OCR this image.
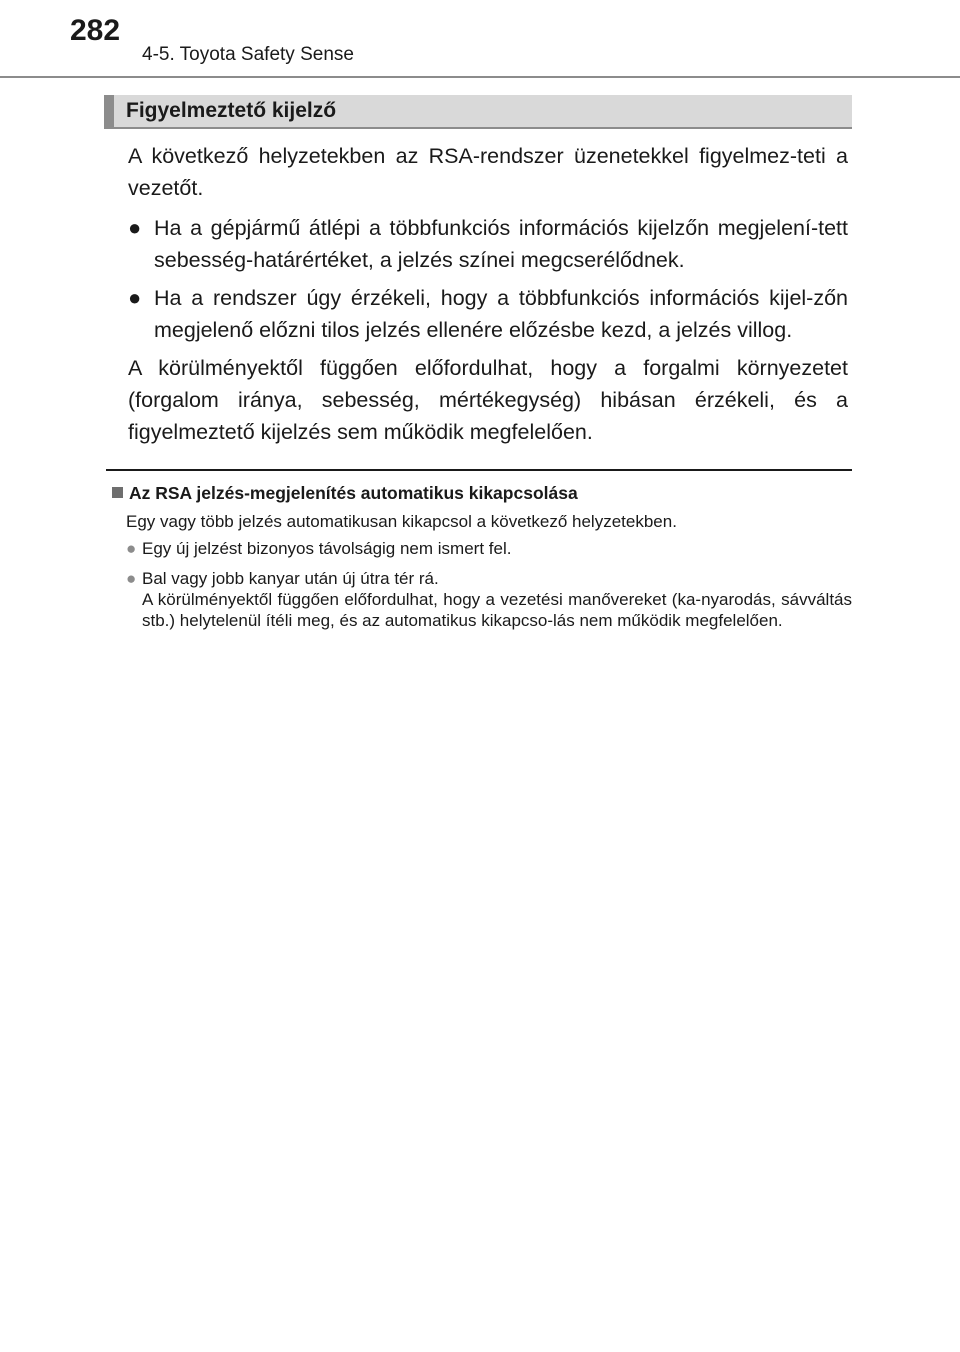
282
4-5. Toyota Safety Sense
Figyelmeztető kijelző

A következő helyzetekben az RSA-rendszer üzenetekkel figyelmez-teti a vezetőt.

● Ha a gépjármű átlépi a többfunkciós információs kijelzőn megjelení-tett sebesség-határértéket, a jelzés színei megcserélődnek.
● Ha a rendszer úgy érzékeli, hogy a többfunkciós információs kijel-zőn megjelenő előzni tilos jelzés ellenére előzésbe kezd, a jelzés villog.

A körülményektől függően előfordulhat, hogy a forgalmi környezetet (forgalom iránya, sebesség, mértékegység) hibásan érzékeli, és a figyelmeztető kijelzés sem működik megfelelően.

Az RSA jelzés-megjelenítés automatikus kikapcsolása

Egy vagy több jelzés automatikusan kikapcsol a következő helyzetekben.

● Egy új jelzést bizonyos távolságig nem ismert fel.
● Bal vagy jobb kanyar után új útra tér rá.
A körülményektől függően előfordulhat, hogy a vezetési manővereket (ka-nyarodás, sávváltás stb.) helytelenül ítéli meg, és az automatikus kikapcso-lás nem működik megfelelően.
